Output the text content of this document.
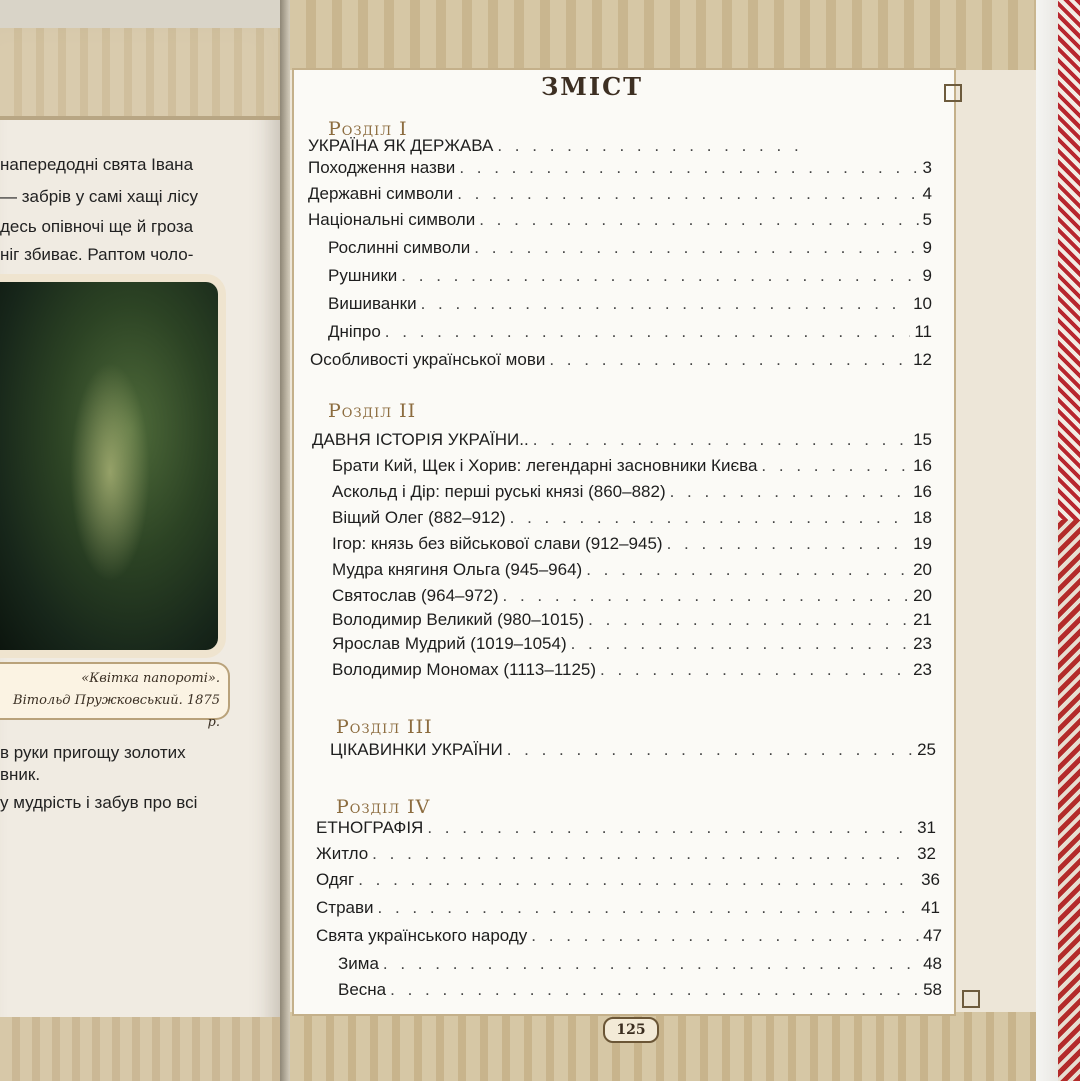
напередодні свята Івана
— забрів у самі хащі лісу
десь опівночі ще й гроза
ніг збиває. Раптом чоло-
«Квітка папороті».
Вітольд Пружковський. 1875 р.
в руки пригощу золотих
вник.
у мудрість і забув про всі
ЗМІСТ
Розділ I
УКРАЇНА ЯК ДЕРЖАВА
. . .
Походження назви . . .	3
Державні символи . . .	4
Національні символи . . .	5
Рослинні символи . . .	9
Рушники . . .	9
Вишиванки . . .	10
Дніпро . . .	11
Особливості української мови . . .	12
Розділ II
ДАВНЯ ІСТОРІЯ УКРАЇНИ.. . . .	15
Брати Кий, Щек і Хорив: легендарні засновники Києва . . .	16
Аскольд і Дір: перші руські князі (860–882) . . .	16
Віщий Олег (882–912) . . .	18
Ігор: князь без військової слави (912–945) . . .	19
Мудра княгиня Ольга (945–964) . . .	20
Святослав (964–972) . . .	20
Володимир Великий (980–1015) . . .	21
Ярослав Мудрий (1019–1054) . . .	23
Володимир Мономах (1113–1125) . . .	23
Розділ III
ЦІКАВИНКИ УКРАЇНИ . . .	25
Розділ IV
ЕТНОГРАФІЯ . . .	31
Житло . . .	32
Одяг . . .	36
Страви . . .	41
Свята українського народу . . .	47
Зима . . .	48
Весна . . .	58
125
